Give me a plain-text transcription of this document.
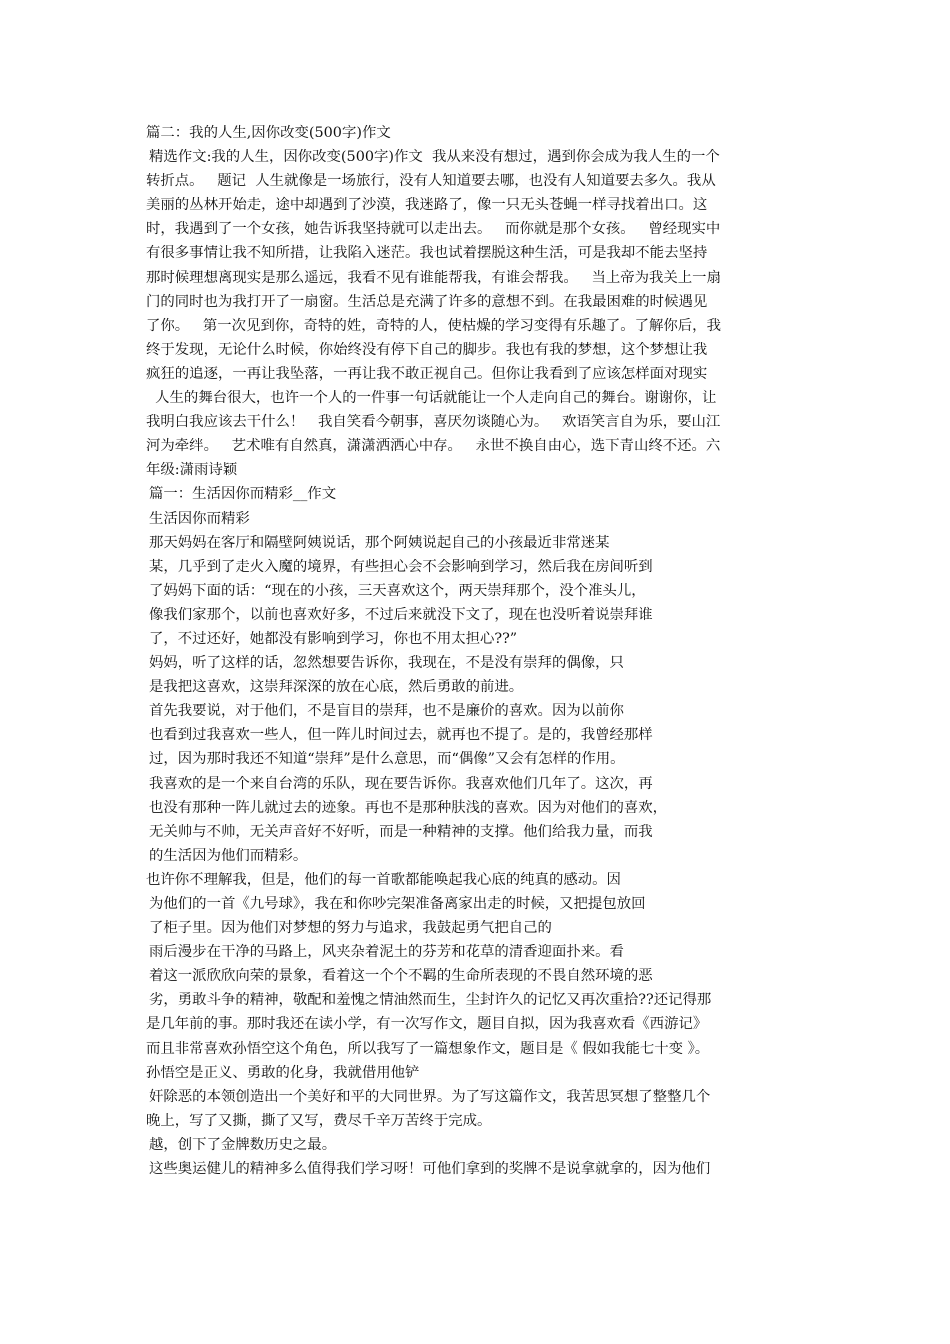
篇二：我的人生,因你改变(500字)作文
精选作文:我的人生，因你改变(500字)作文  我从来没有想过，遇到你会成为我人生的一个
转折点。   题记  人生就像是一场旅行，没有人知道要去哪，也没有人知道要去多久。我从
美丽的丛林开始走，途中却遇到了沙漠，我迷路了，像一只无头苍蝇一样寻找着出口。这
时，我遇到了一个女孩，她告诉我坚持就可以走出去。   而你就是那个女孩。   曾经现实中
有很多事情让我不知所措，让我陷入迷茫。我也试着摆脱这种生活，可是我却不能去坚持
那时候理想离现实是那么遥远，我看不见有谁能帮我，有谁会帮我。   当上帝为我关上一扇
门的同时也为我打开了一扇窗。生活总是充满了许多的意想不到。在我最困难的时候遇见
了你。   第一次见到你，奇特的姓，奇特的人，使枯燥的学习变得有乐趣了。了解你后，我
终于发现，无论什么时候，你始终没有停下自己的脚步。我也有我的梦想，这个梦想让我
疯狂的追逐，一再让我坠落，一再让我不敢正视自己。但你让我看到了应该怎样面对现实
人生的舞台很大，也许一个人的一件事一句话就能让一个人走向自己的舞台。谢谢你，让
我明白我应该去干什么！   我自笑看今朝事，喜厌勿谈随心为。   欢语笑言自为乐，要山江
河为牵绊。   艺术唯有自然真，潇潇洒洒心中存。   永世不换自由心，选下青山终不还。六
年级:潇雨诗颖
篇一：生活因你而精彩__作文
生活因你而精彩
那天妈妈在客厅和隔壁阿姨说话，那个阿姨说起自己的小孩最近非常迷某
某，几乎到了走火入魔的境界，有些担心会不会影响到学习，然后我在房间听到
了妈妈下面的话：“现在的小孩，三天喜欢这个，两天崇拜那个，没个准头儿，
像我们家那个，以前也喜欢好多，不过后来就没下文了，现在也没听着说崇拜谁
了，不过还好，她都没有影响到学习，你也不用太担心??”
妈妈，听了这样的话，忽然想要告诉你，我现在，不是没有崇拜的偶像，只
是我把这喜欢，这崇拜深深的放在心底，然后勇敢的前进。
首先我要说，对于他们，不是盲目的崇拜，也不是廉价的喜欢。因为以前你
也看到过我喜欢一些人，但一阵儿时间过去，就再也不提了。是的，我曾经那样
过，因为那时我还不知道“崇拜”是什么意思，而“偶像”又会有怎样的作用。
我喜欢的是一个来自台湾的乐队，现在要告诉你。我喜欢他们几年了。这次，再
也没有那种一阵儿就过去的迹象。再也不是那种肤浅的喜欢。因为对他们的喜欢，
无关帅与不帅，无关声音好不好听，而是一种精神的支撑。他们给我力量，而我
的生活因为他们而精彩。
也许你不理解我，但是，他们的每一首歌都能唤起我心底的纯真的感动。因
为他们的一首《九号球》，我在和你吵完架准备离家出走的时候，又把提包放回
了柜子里。因为他们对梦想的努力与追求，我鼓起勇气把自己的
雨后漫步在干净的马路上，风夹杂着泥土的芬芳和花草的清香迎面扑来。看
着这一派欣欣向荣的景象，看着这一个个不羁的生命所表现的不畏自然环境的恶
劣，勇敢斗争的精神，敬配和羞愧之情油然而生，尘封许久的记忆又再次重拾??还记得那
是几年前的事。那时我还在读小学，有一次写作文，题目自拟，因为我喜欢看《西游记》
而且非常喜欢孙悟空这个角色，所以我写了一篇想象作文，题目是《 假如我能七十变 》。
孙悟空是正义、勇敢的化身，我就借用他铲
奸除恶的本领创造出一个美好和平的大同世界。为了写这篇作文，我苦思冥想了整整几个
晚上，写了又撕，撕了又写，费尽千辛万苦终于完成。
越，创下了金牌数历史之最。
这些奥运健儿的精神多么值得我们学习呀！可他们拿到的奖牌不是说拿就拿的，因为他们
